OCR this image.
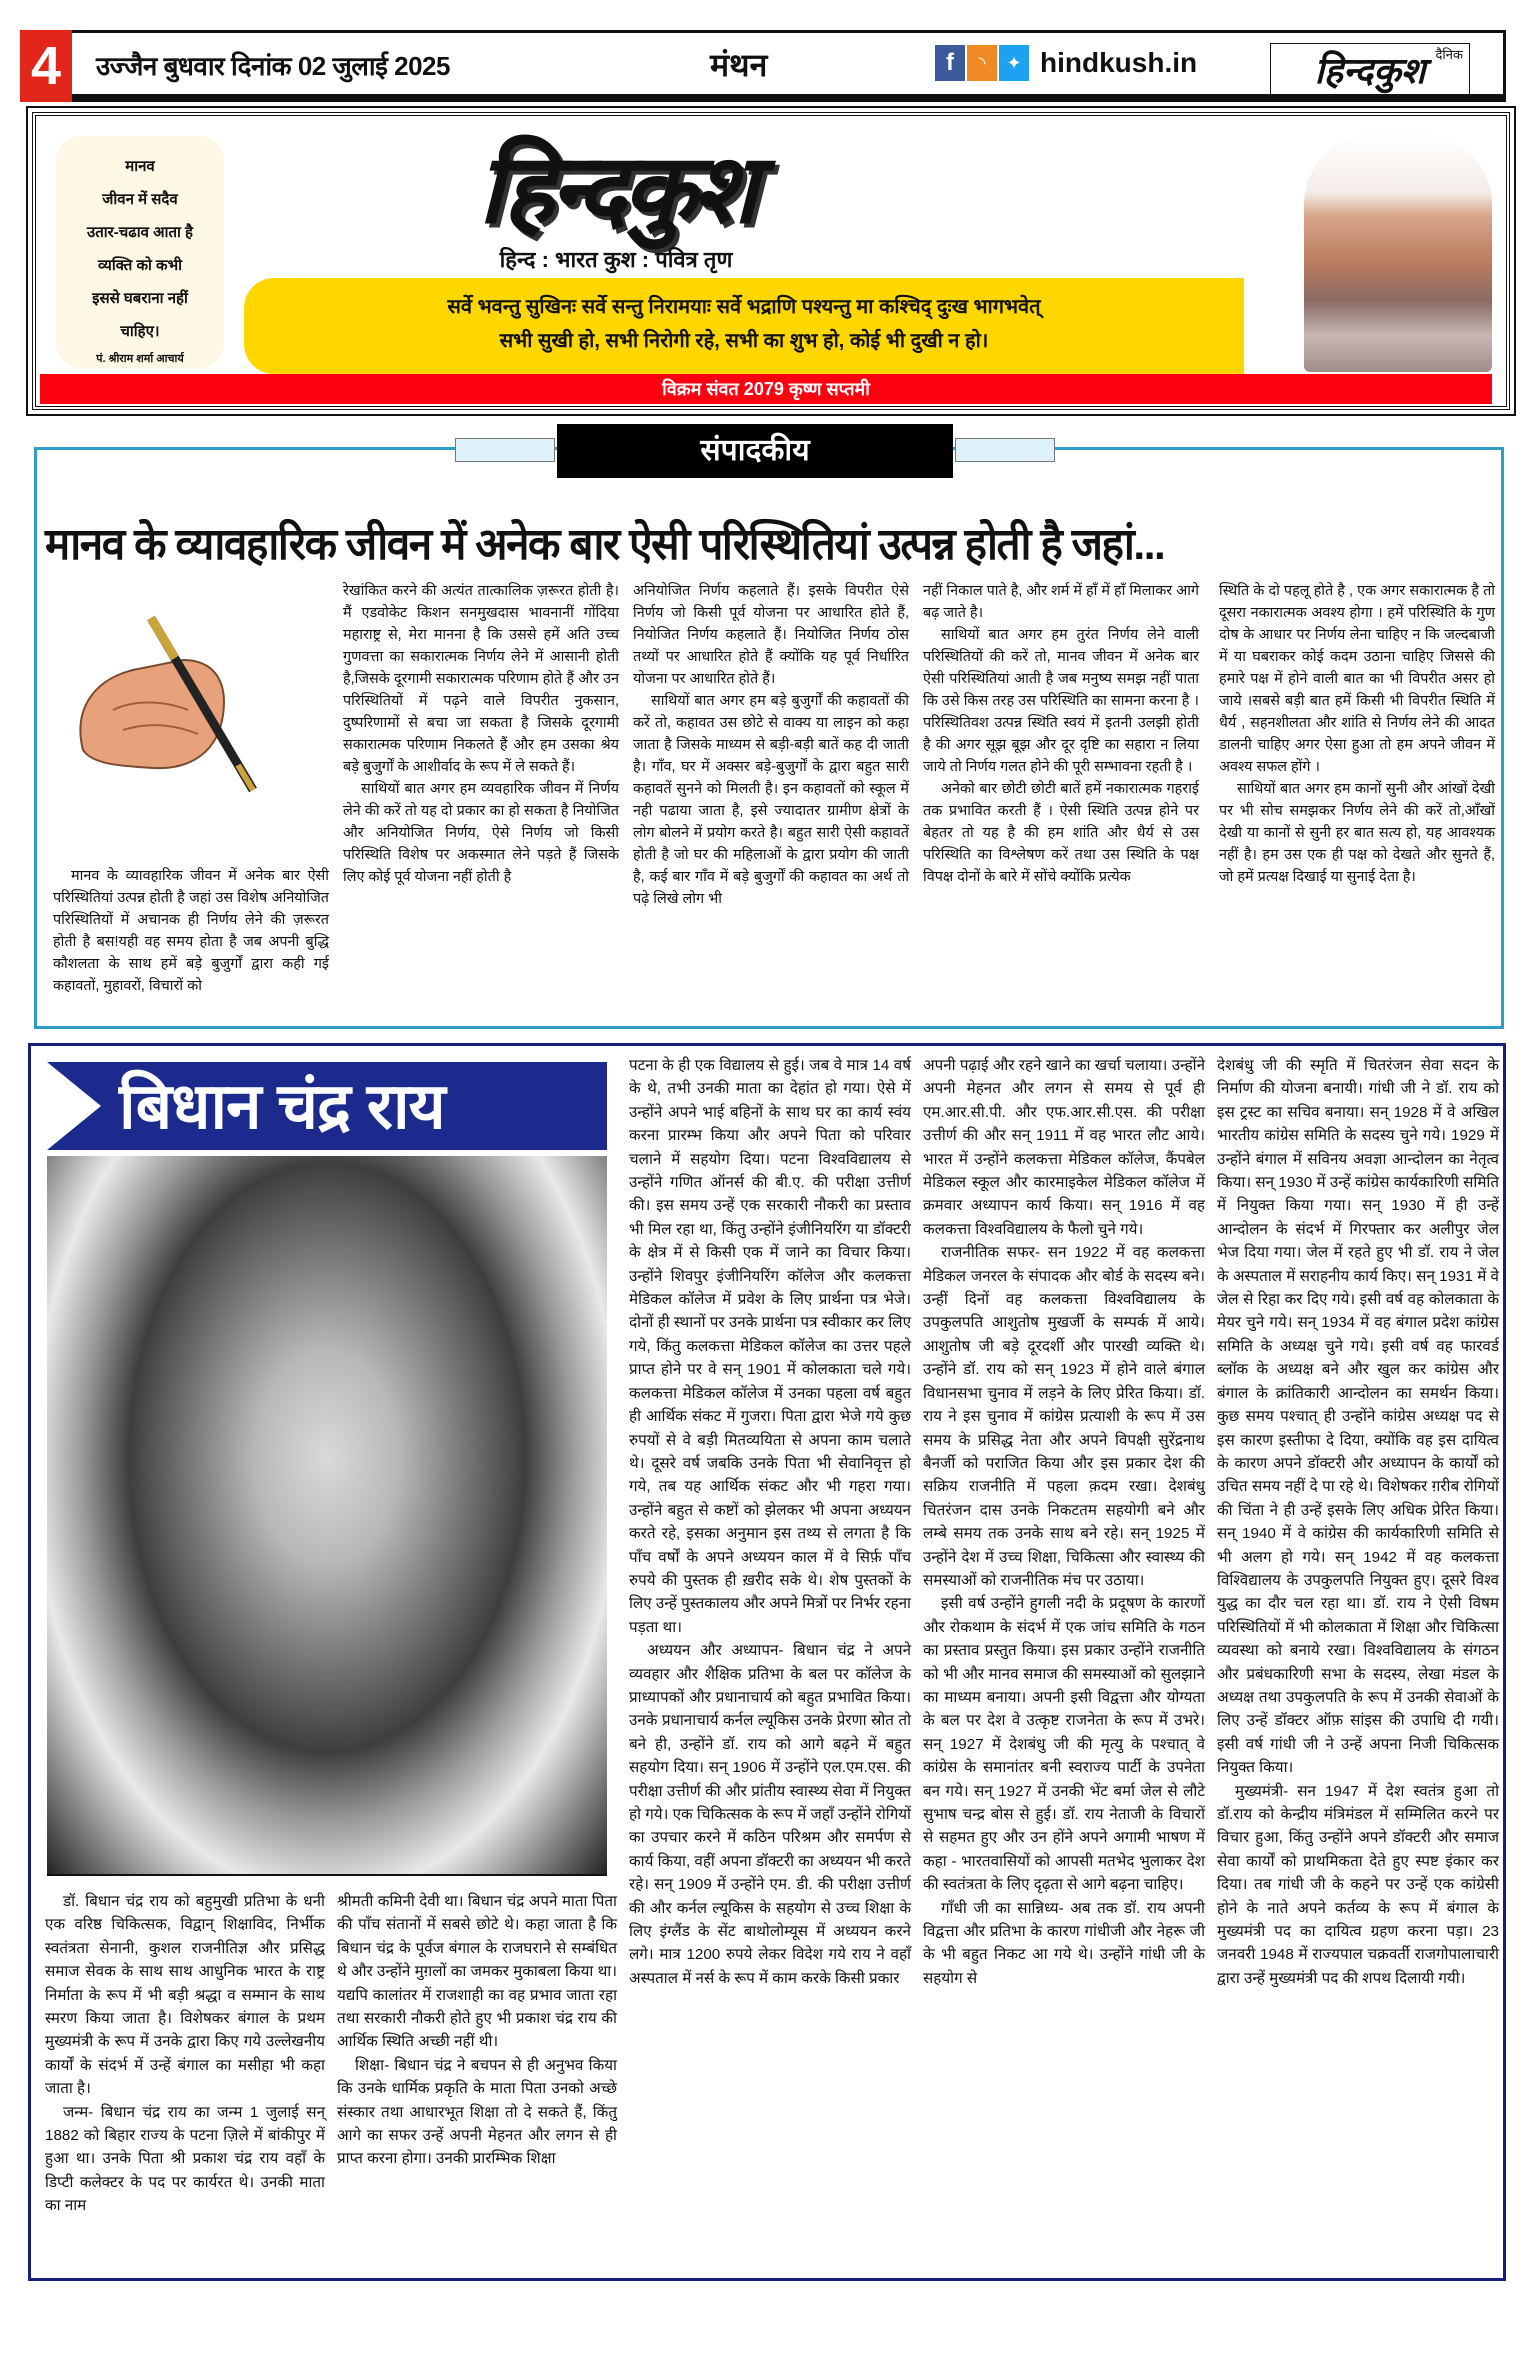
4	उज्जैन बुधवार दिनांक 02 जुलाई 2025	मंथन	f	◝	✦ hindkush.in	दैनिक
हिन्दकुश

मानव

जीवन में सदैव

उतार-चढाव आता है

व्यक्ति को कभी

इससे घबराना नहीं

चाहिए।

पं. श्रीराम शर्मा आचार्य

हिन्दकुश
हिन्द : भारत कुश : पवित्र तृण

सर्वे भवन्तु सुखिनः सर्वे सन्तु निरामयाः सर्वे भद्राणि पश्यन्तु मा कश्चिद् दुःख भागभवेत्

सभी सुखी हो, सभी निरोगी रहे, सभी का शुभ हो, कोई भी दुखी न हो।

विक्रम संवत 2079 कृष्ण सप्तमी
संपादकीय
मानव के व्यावहारिक जीवन में अनेक बार ऐसी परिस्थितियां उत्पन्न होती है जहां...

मानव के व्यावहारिक जीवन में अनेक बार ऐसी परिस्थितियां उत्पन्न होती है जहां उस विशेष अनियोजित परिस्थितियों में अचानक ही निर्णय लेने की ज़रूरत होती है बस!यही वह समय होता है जब अपनी बुद्धि कौशलता के साथ हमें बड़े बुजुर्गों द्वारा कही गई कहावतों, मुहावरों, विचारों को

रेखांकित करने की अत्यंत तात्कालिक ज़रूरत होती है।मैं एडवोकेट किशन सनमुखदास भावनानीं गोंदिया महाराष्ट्र से, मेरा मानना है कि उससे हमें अति उच्च गुणवत्ता का सकारात्मक निर्णय लेने में आसानी होती है,जिसके दूरगामी सकारात्मक परिणाम होते हैं और उन परिस्थितियों में पढ़ने वाले विपरीत नुकसान, दुष्परिणामों से बचा जा सकता है जिसके दूरगामी सकारात्मक परिणाम निकलते हैं और हम उसका श्रेय बड़े बुजुर्गों के आशीर्वाद के रूप में ले सकते हैं।

साथियों बात अगर हम व्यवहारिक जीवन में निर्णय लेने की करें तो यह दो प्रकार का हो सकता है नियोजित और अनियोजित निर्णय, ऐसे निर्णय जो किसी परिस्थिति विशेष पर अकस्मात लेने पड़ते हैं जिसके लिए कोई पूर्व योजना नहीं होती है

अनियोजित निर्णय कहलाते हैं। इसके विपरीत ऐसे निर्णय जो किसी पूर्व योजना पर आधारित होते हैं, नियोजित निर्णय कहलाते हैं। नियोजित निर्णय ठोस तथ्यों पर आधारित होते हैं क्योंकि यह पूर्व निर्धारित योजना पर आधारित होते हैं।

साथियों बात अगर हम बड़े बुजुर्गों की कहावतों की करें तो, कहावत उस छोटे से वाक्य या लाइन को कहा जाता है जिसके माध्यम से बड़ी-बड़ी बातें कह दी जाती है। गाँव, घर में अक्सर बड़े-बुजुर्गों के द्वारा बहुत सारी कहावतें सुनने को मिलती है। इन कहावतों को स्कूल में नही पढाया जाता है, इसे ज्यादातर ग्रामीण क्षेत्रों के लोग बोलने में प्रयोग करते है। बहुत सारी ऐसी कहावतें होती है जो घर की महिलाओं के द्वारा प्रयोग की जाती है, कई बार गाँव में बड़े बुजुर्गों की कहावत का अर्थ तो पढ़े लिखे लोग भी

नहीं निकाल पाते है, और शर्म में हाँ में हाँ मिलाकर आगे बढ़ जाते है।

साथियों बात अगर हम तुरंत निर्णय लेने वाली परिस्थितियों की करें तो, मानव जीवन में अनेक बार ऐसी परिस्थितियां आती है जब मनुष्य समझ नहीं पाता कि उसे किस तरह उस परिस्थिति का सामना करना है । परिस्थितिवश उत्पन्न स्थिति स्वयं में इतनी उलझी होती है की अगर सूझ बूझ और दूर दृष्टि का सहारा न लिया जाये तो निर्णय गलत होने की पूरी सम्भावना रहती है ।

अनेको बार छोटी छोटी बातें हमें नकारात्मक गहराई तक प्रभावित करती हैं । ऐसी स्थिति उत्पन्न होने पर बेहतर तो यह है की हम शांति और धैर्य से उस परिस्थिति का विश्लेषण करें तथा उस स्थिति के पक्ष विपक्ष दोनों के बारे में सोंचे क्योंकि प्रत्येक

स्थिति के दो पहलू होते है , एक अगर सकारात्मक है तो दूसरा नकारात्मक अवश्य होगा । हमें परिस्थिति के गुण दोष के आधार पर निर्णय लेना चाहिए न कि जल्दबाजी में या घबराकर कोई कदम उठाना चाहिए जिससे की हमारे पक्ष में होने वाली बात का भी विपरीत असर हो जाये ।सबसे बड़ी बात हमें किसी भी विपरीत स्थिति में धैर्य , सहनशीलता और शांति से निर्णय लेने की आदत डालनी चाहिए अगर ऐसा हुआ तो हम अपने जीवन में अवश्य सफल होंगे ।

साथियों बात अगर हम कानों सुनी और आंखों देखी पर भी सोच समझकर निर्णय लेने की करें तो,आँखों देखी या कानों से सुनी हर बात सत्य हो, यह आवश्यक नहीं है। हम उस एक ही पक्ष को देखते और सुनते हैं, जो हमें प्रत्यक्ष दिखाई या सुनाई देता है।

बिधान चंद्र राय

डॉ. बिधान चंद्र राय को बहुमुखी प्रतिभा के धनी एक वरिष्ठ चिकित्सक, विद्वान् शिक्षाविद, निर्भीक स्वतंत्रता सेनानी, कुशल राजनीतिज्ञ और प्रसिद्ध समाज सेवक के साथ साथ आधुनिक भारत के राष्ट्र निर्माता के रूप में भी बड़ी श्रद्धा व सम्मान के साथ स्मरण किया जाता है। विशेषकर बंगाल के प्रथम मुख्यमंत्री के रूप में उनके द्वारा किए गये उल्लेखनीय कार्यों के संदर्भ में उन्हें बंगाल का मसीहा भी कहा जाता है।

जन्म- बिधान चंद्र राय का जन्म 1 जुलाई सन् 1882 को बिहार राज्य के पटना ज़िले में बांकीपुर में हुआ था। उनके पिता श्री प्रकाश चंद्र राय वहाँ के डिप्टी कलेक्टर के पद पर कार्यरत थे। उनकी माता का नाम

श्रीमती कमिनी देवी था। बिधान चंद्र अपने माता पिता की पाँच संतानों में सबसे छोटे थे। कहा जाता है कि बिधान चंद्र के पूर्वज बंगाल के राजघराने से सम्बंधित थे और उन्होंने मुग़लों का जमकर मुकाबला किया था। यद्यपि कालांतर में राजशाही का वह प्रभाव जाता रहा तथा सरकारी नौकरी होते हुए भी प्रकाश चंद्र राय की आर्थिक स्थिति अच्छी नहीं थी।

शिक्षा- बिधान चंद्र ने बचपन से ही अनुभव किया कि उनके धार्मिक प्रकृति के माता पिता उनको अच्छे संस्कार तथा आधारभूत शिक्षा तो दे सकते हैं, किंतु आगे का सफर उन्हें अपनी मेहनत और लगन से ही प्राप्त करना होगा। उनकी प्रारम्भिक शिक्षा

पटना के ही एक विद्यालय से हुई। जब वे मात्र 14 वर्ष के थे, तभी उनकी माता का देहांत हो गया। ऐसे में उन्होंने अपने भाई बहिनों के साथ घर का कार्य स्वंय करना प्रारम्भ किया और अपने पिता को परिवार चलाने में सहयोग दिया। पटना विश्वविद्यालय से उन्होंने गणित ऑनर्स की बी.ए. की परीक्षा उत्तीर्ण की। इस समय उन्हें एक सरकारी नौकरी का प्रस्ताव भी मिल रहा था, किंतु उन्होंने इंजीनियरिंग या डॉक्टरी के क्षेत्र में से किसी एक में जाने का विचार किया। उन्होंने शिवपुर इंजीनियरिंग कॉलेज और कलकत्ता मेडिकल कॉलेज में प्रवेश के लिए प्रार्थना पत्र भेजे। दोनों ही स्थानों पर उनके प्रार्थना पत्र स्वीकार कर लिए गये, किंतु कलकत्ता मेडिकल कॉलेज का उत्तर पहले प्राप्त होने पर वे सन् 1901 में कोलकाता चले गये। कलकत्ता मेडिकल कॉलेज में उनका पहला वर्ष बहुत ही आर्थिक संकट में गुजरा। पिता द्वारा भेजे गये कुछ रुपयों से वे बड़ी मितव्ययिता से अपना काम चलाते थे। दूसरे वर्ष जबकि उनके पिता भी सेवानिवृत्त हो गये, तब यह आर्थिक संकट और भी गहरा गया। उन्होंने बहुत से कष्टों को झेलकर भी अपना अध्ययन करते रहे, इसका अनुमान इस तथ्य से लगता है कि पाँच वर्षों के अपने अध्ययन काल में वे सिर्फ़ पाँच रुपये की पुस्तक ही ख़रीद सके थे। शेष पुस्तकों के लिए उन्हें पुस्तकालय और अपने मित्रों पर निर्भर रहना पड़ता था।

अध्ययन और अध्यापन- बिधान चंद्र ने अपने व्यवहार और शैक्षिक प्रतिभा के बल पर कॉलेज के प्राध्यापकों और प्रधानाचार्य को बहुत प्रभावित किया। उनके प्रधानाचार्य कर्नल ल्यूकिस उनके प्रेरणा स्रोत तो बने ही, उन्होंने डॉ. राय को आगे बढ़ने में बहुत सहयोग दिया। सन् 1906 में उन्होंने एल.एम.एस. की परीक्षा उत्तीर्ण की और प्रांतीय स्वास्थ्य सेवा में नियुक्त हो गये। एक चिकित्सक के रूप में जहाँ उन्होंने रोगियों का उपचार करने में कठिन परिश्रम और समर्पण से कार्य किया, वहीं अपना डॉक्टरी का अध्ययन भी करते रहे। सन् 1909 में उन्होंने एम. डी. की परीक्षा उत्तीर्ण की और कर्नल ल्यूकिस के सहयोग से उच्च शिक्षा के लिए इंग्लैंड के सेंट बाथोलोम्यूस में अध्ययन करने लगे। मात्र 1200 रुपये लेकर विदेश गये राय ने वहाँ अस्पताल में नर्स के रूप में काम करके किसी प्रकार

अपनी पढ़ाई और रहने खाने का खर्चा चलाया। उन्होंने अपनी मेहनत और लगन से समय से पूर्व ही एम.आर.सी.पी. और एफ.आर.सी.एस. की परीक्षा उत्तीर्ण की और सन् 1911 में वह भारत लौट आये। भारत में उन्होंने कलकत्ता मेडिकल कॉलेज, कैंपबेल मेडिकल स्कूल और कारमाइकेल मेडिकल कॉलेज में क्रमवार अध्यापन कार्य किया। सन् 1916 में वह कलकत्ता विश्वविद्यालय के फैलो चुने गये।

राजनीतिक सफर- सन 1922 में वह कलकत्ता मेडिकल जनरल के संपादक और बोर्ड के सदस्य बने। उन्हीं दिनों वह कलकत्ता विश्वविद्यालय के उपकुलपति आशुतोष मुखर्जी के सम्पर्क में आये। आशुतोष जी बड़े दूरदर्शी और पारखी व्यक्ति थे। उन्होंने डॉ. राय को सन् 1923 में होने वाले बंगाल विधानसभा चुनाव में लड़ने के लिए प्रेरित किया। डॉ. राय ने इस चुनाव में कांग्रेस प्रत्याशी के रूप में उस समय के प्रसिद्ध नेता और अपने विपक्षी सुरेंद्रनाथ बैनर्जी को पराजित किया और इस प्रकार देश की सक्रिय राजनीति में पहला क़दम रखा। देशबंधु चितरंजन दास उनके निकटतम सहयोगी बने और लम्बे समय तक उनके साथ बने रहे। सन् 1925 में उन्होंने देश में उच्च शिक्षा, चिकित्सा और स्वास्थ्य की समस्याओं को राजनीतिक मंच पर उठाया।

इसी वर्ष उन्होंने हुगली नदी के प्रदूषण के कारणों और रोकथाम के संदर्भ में एक जांच समिति के गठन का प्रस्ताव प्रस्तुत किया। इस प्रकार उन्होंने राजनीति को भी और मानव समाज की समस्याओं को सुलझाने का माध्यम बनाया। अपनी इसी विद्वत्ता और योग्यता के बल पर देश वे उत्कृष्ट राजनेता के रूप में उभरे। सन् 1927 में देशबंधु जी की मृत्यु के पश्चात् वे कांग्रेस के समानांतर बनी स्वराज्य पार्टी के उपनेता बन गये। सन् 1927 में उनकी भेंट बर्मा जेल से लौटे सुभाष चन्द्र बोस से हुई। डॉ. राय नेताजी के विचारों से सहमत हुए और उन होंने अपने अगामी भाषण में कहा - भारतवासियों को आपसी मतभेद भुलाकर देश की स्वतंत्रता के लिए दृढ़ता से आगे बढ़ना चाहिए।

गाँधी जी का सान्निध्य- अब तक डॉ. राय अपनी विद्वत्ता और प्रतिभा के कारण गांधीजी और नेहरू जी के भी बहुत निकट आ गये थे। उन्होंने गांधी जी के सहयोग से

देशबंधु जी की स्मृति में चितरंजन सेवा सदन के निर्माण की योजना बनायी। गांधी जी ने डॉ. राय को इस ट्रस्ट का सचिव बनाया। सन् 1928 में वे अखिल भारतीय कांग्रेस समिति के सदस्य चुने गये। 1929 में उन्होंने बंगाल में सविनय अवज्ञा आन्दोलन का नेतृत्व किया। सन् 1930 में उन्हें कांग्रेस कार्यकारिणी समिति में नियुक्त किया गया। सन् 1930 में ही उन्हें आन्दोलन के संदर्भ में गिरफ्तार कर अलीपुर जेल भेज दिया गया। जेल में रहते हुए भी डॉ. राय ने जेल के अस्पताल में सराहनीय कार्य किए। सन् 1931 में वे जेल से रिहा कर दिए गये। इसी वर्ष वह कोलकाता के मेयर चुने गये। सन् 1934 में वह बंगाल प्रदेश कांग्रेस समिति के अध्यक्ष चुने गये। इसी वर्ष वह फारवर्ड ब्लॉक के अध्यक्ष बने और खुल कर कांग्रेस और बंगाल के क्रांतिकारी आन्दोलन का समर्थन किया। कुछ समय पश्चात् ही उन्होंने कांग्रेस अध्यक्ष पद से इस कारण इस्तीफा दे दिया, क्योंकि वह इस दायित्व के कारण अपने डॉक्टरी और अध्यापन के कार्यों को उचित समय नहीं दे पा रहे थे। विशेषकर ग़रीब रोगियों की चिंता ने ही उन्हें इसके लिए अधिक प्रेरित किया। सन् 1940 में वे कांग्रेस की कार्यकारिणी समिति से भी अलग हो गये। सन् 1942 में वह कलकत्ता विश्विद्यालय के उपकुलपति नियुक्त हुए। दूसरे विश्व युद्ध का दौर चल रहा था। डॉ. राय ने ऐसी विषम परिस्थितियों में भी कोलकाता में शिक्षा और चिकित्सा व्यवस्था को बनाये रखा। विश्वविद्यालय के संगठन और प्रबंधकारिणी सभा के सदस्य, लेखा मंडल के अध्यक्ष तथा उपकुलपति के रूप में उनकी सेवाओं के लिए उन्हें डॉक्टर ऑफ़ सांइस की उपाधि दी गयी। इसी वर्ष गांधी जी ने उन्हें अपना निजी चिकित्सक नियुक्त किया।

मुख्यमंत्री- सन 1947 में देश स्वतंत्र हुआ तो डॉ.राय को केन्द्रीय मंत्रिमंडल में सम्मिलित करने पर विचार हुआ, किंतु उन्होंने अपने डॉक्टरी और समाज सेवा कार्यों को प्राथमिकता देते हुए स्पष्ट इंकार कर दिया। तब गांधी जी के कहने पर उन्हें एक कांग्रेसी होने के नाते अपने कर्तव्य के रूप में बंगाल के मुख्यमंत्री पद का दायित्व ग्रहण करना पड़ा। 23 जनवरी 1948 में राज्यपाल चक्रवर्ती राजगोपालाचारी द्वारा उन्हें मुख्यमंत्री पद की शपथ दिलायी गयी।
